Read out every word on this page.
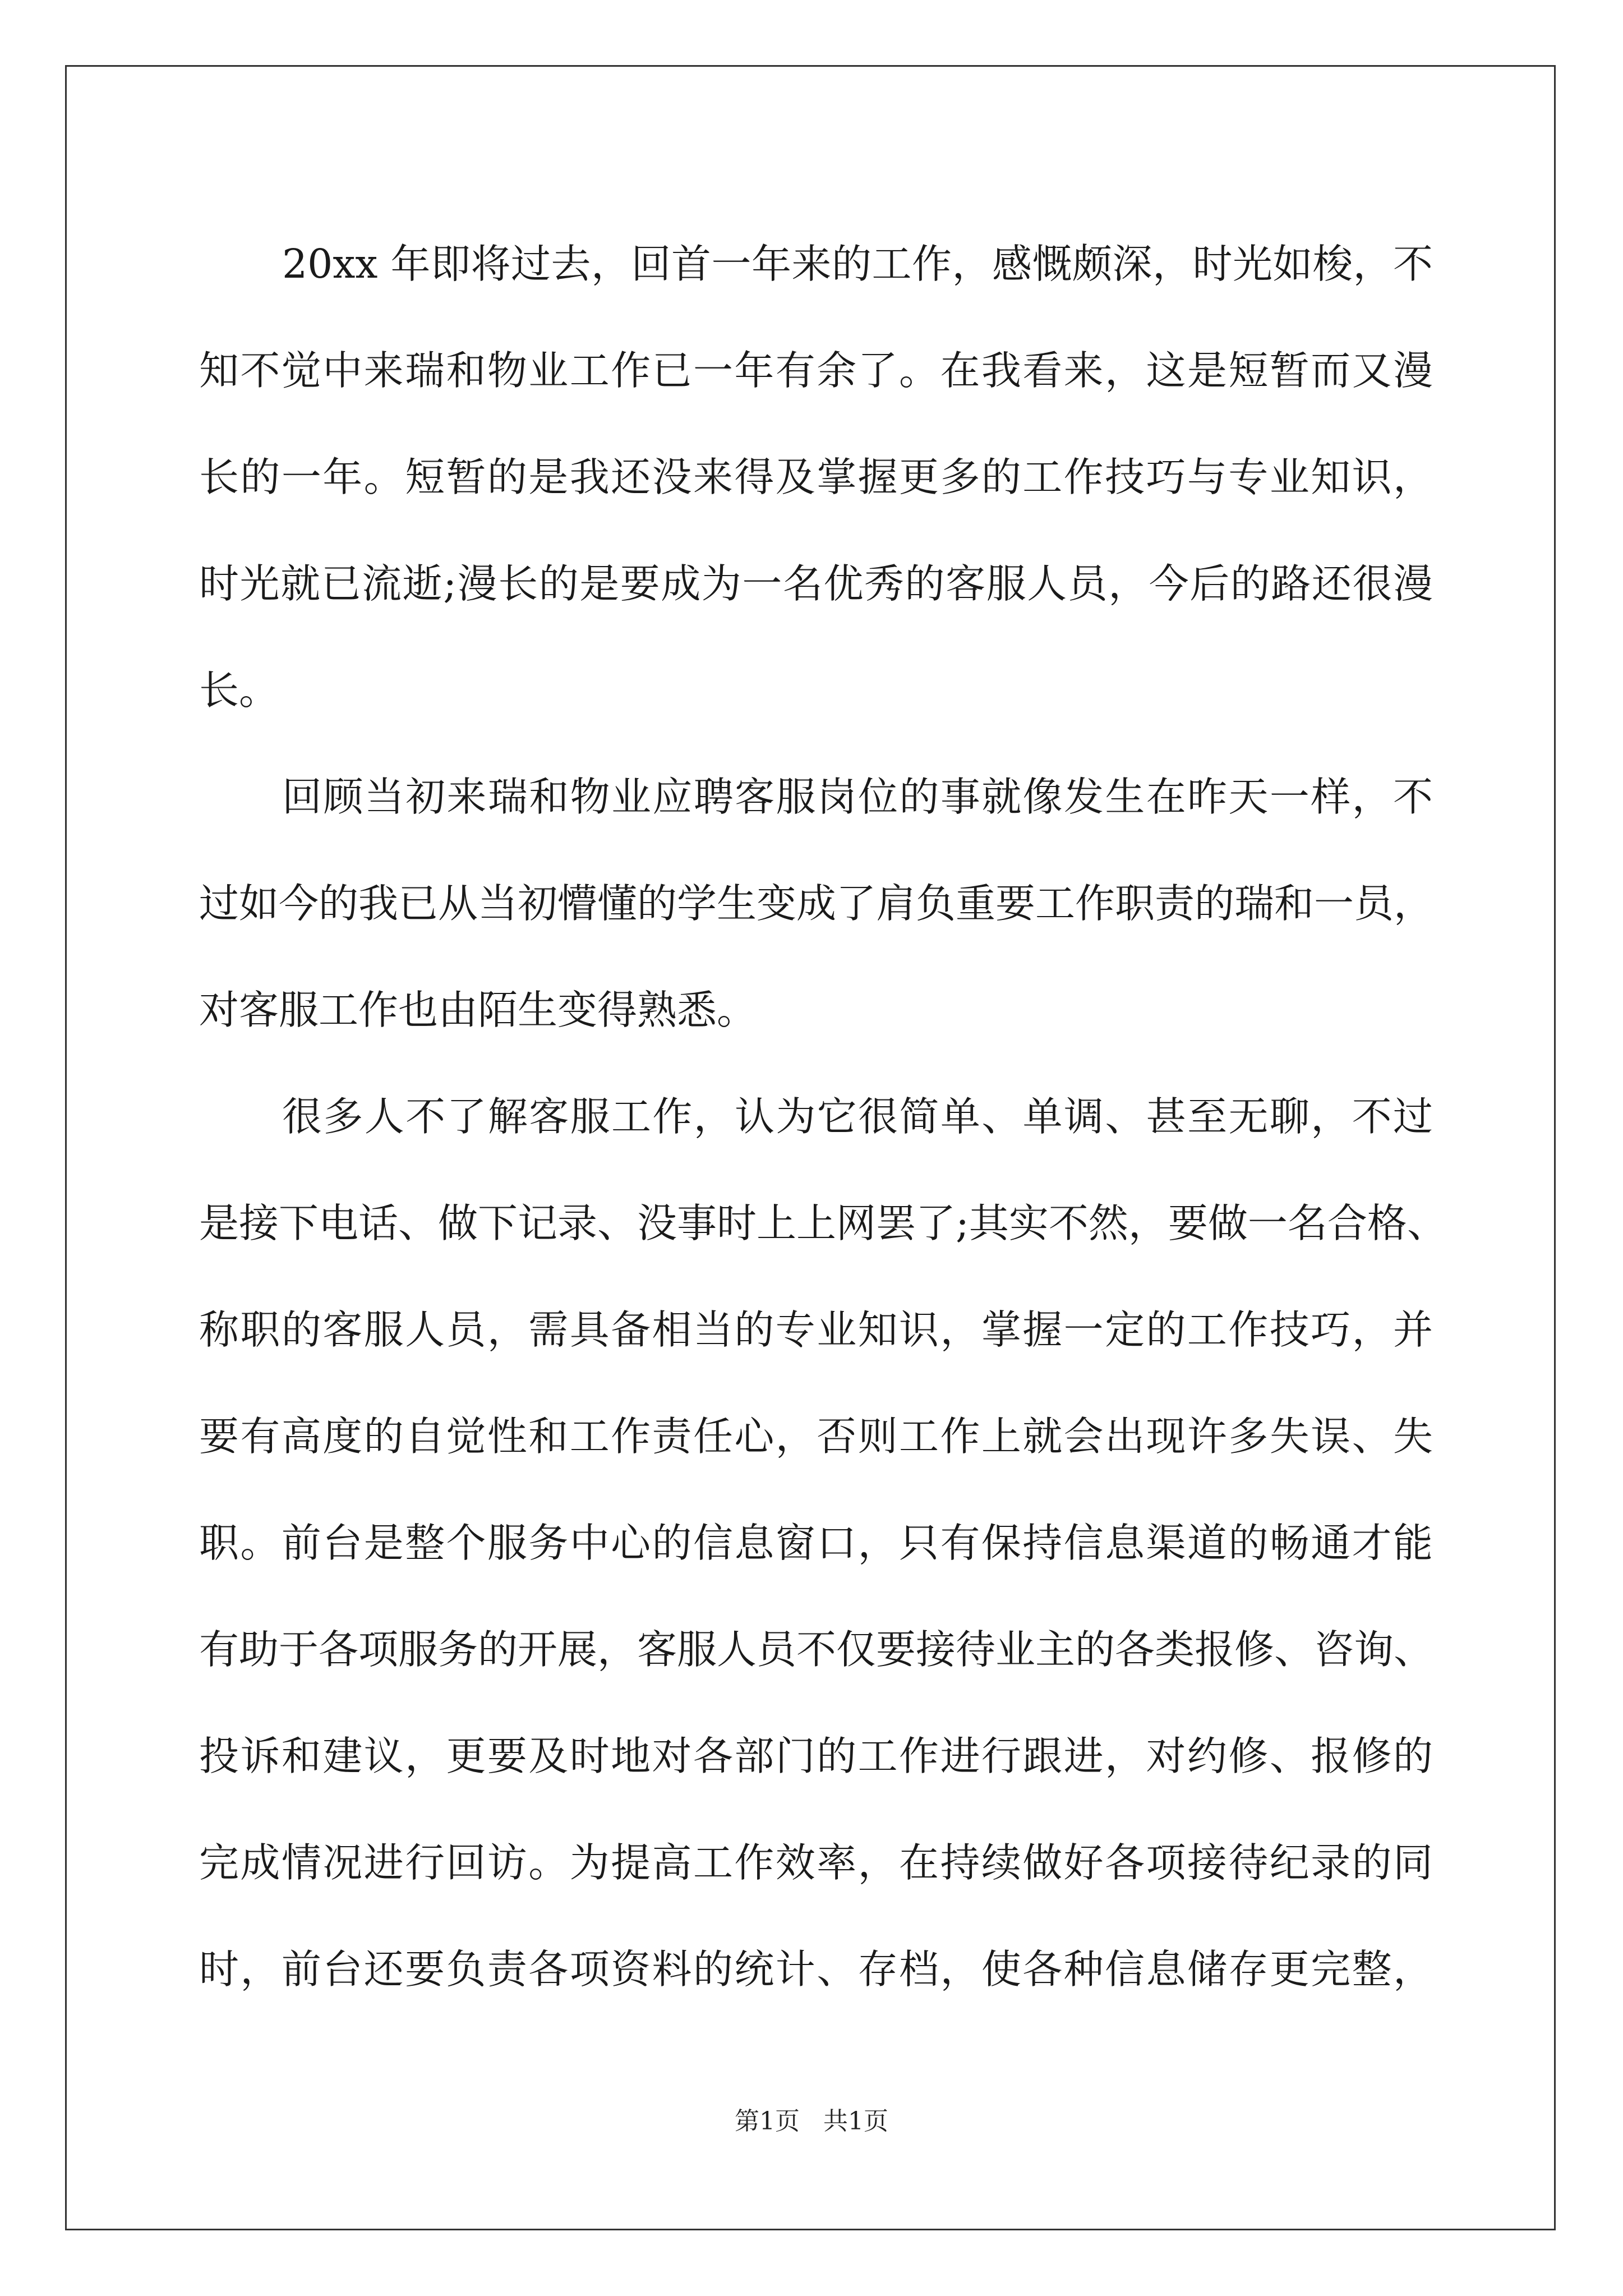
20xx 年即将过去，回首一年来的工作，感慨颇深，时光如梭，不
知不觉中来瑞和物业工作已一年有余了。在我看来，这是短暂而又漫
长的一年。短暂的是我还没来得及掌握更多的工作技巧与专业知识，
时光就已流逝;漫长的是要成为一名优秀的客服人员，今后的路还很漫
长。
回顾当初来瑞和物业应聘客服岗位的事就像发生在昨天一样，不
过如今的我已从当初懵懂的学生变成了肩负重要工作职责的瑞和一员，
对客服工作也由陌生变得熟悉。
很多人不了解客服工作，认为它很简单、单调、甚至无聊，不过
是接下电话、做下记录、没事时上上网罢了;其实不然，要做一名合格、
称职的客服人员，需具备相当的专业知识，掌握一定的工作技巧，并
要有高度的自觉性和工作责任心，否则工作上就会出现许多失误、失
职。前台是整个服务中心的信息窗口，只有保持信息渠道的畅通才能
有助于各项服务的开展，客服人员不仅要接待业主的各类报修、咨询、
投诉和建议，更要及时地对各部门的工作进行跟进，对约修、报修的
完成情况进行回访。为提高工作效率，在持续做好各项接待纪录的同
时，前台还要负责各项资料的统计、存档，使各种信息储存更完整，
第1页 共1页
